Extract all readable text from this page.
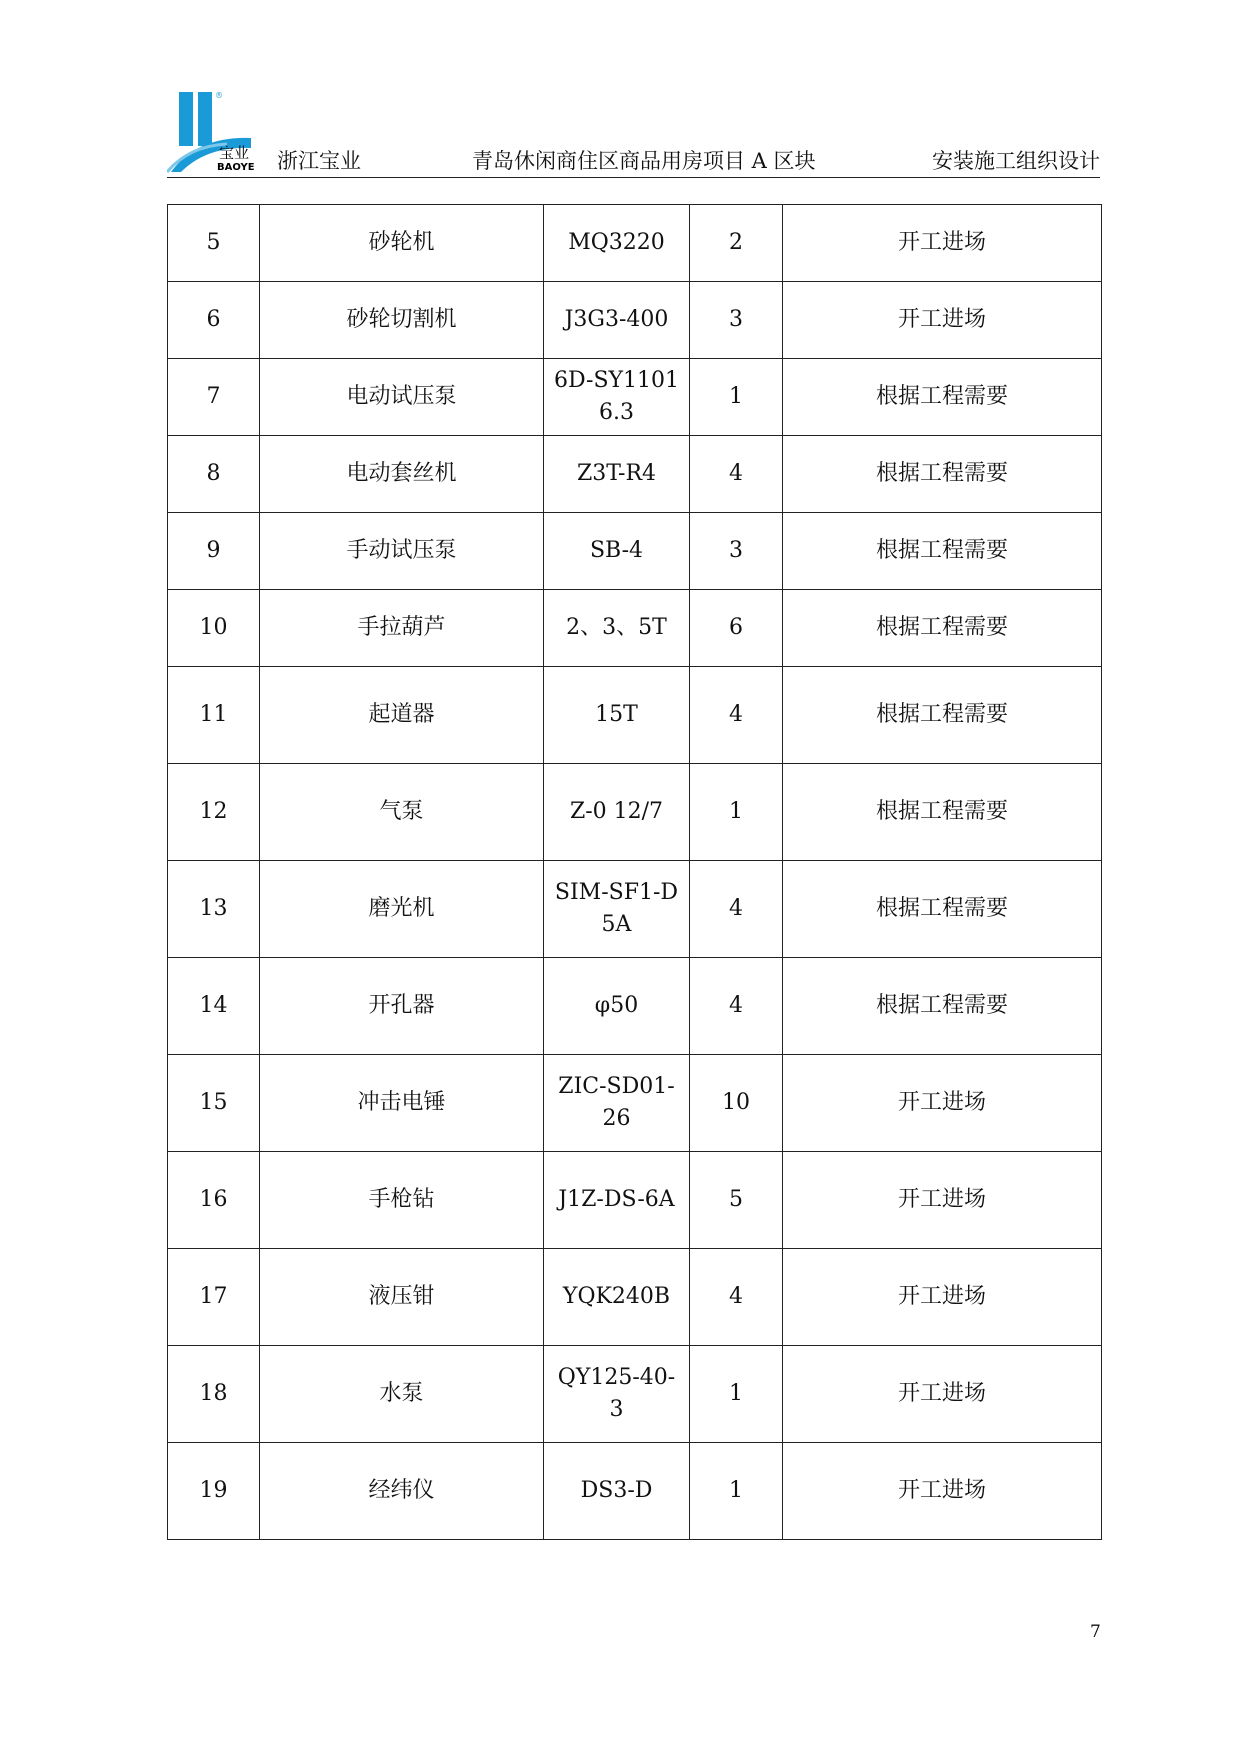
®
宝业
BAOYE 浙江宝业	青岛休闲商住区商品用房项目 A 区块	安装施工组织设计
5	砂轮机	MQ3220	2	开工进场
6	砂轮切割机	J3G3-400	3	开工进场
7	电动试压泵	6D-SY1101 6.3	1	根据工程需要
8	电动套丝机	Z3T-R4	4	根据工程需要
9	手动试压泵	SB-4	3	根据工程需要
10	手拉葫芦	2、3、5T	6	根据工程需要
11	起道器	15T	4	根据工程需要
12	气泵	Z-0 12/7	1	根据工程需要
13	磨光机	SIM-SF1-D 5A	4	根据工程需要
14	开孔器	φ50	4	根据工程需要
15	冲击电锤	ZIC-SD01- 26	10	开工进场
16	手枪钻	J1Z-DS-6A	5	开工进场
17	液压钳	YQK240B	4	开工进场
18	水泵	QY125-40- 3	1	开工进场
19	经纬仪	DS3-D	1	开工进场
7
